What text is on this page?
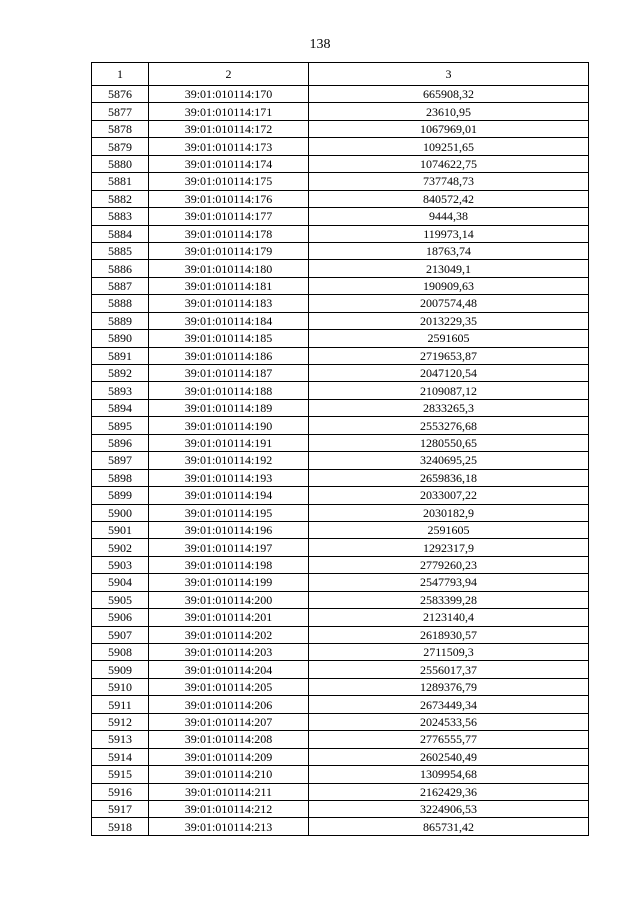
138
1	2	3
5876	39:01:010114:170	665908,32
5877	39:01:010114:171	23610,95
5878	39:01:010114:172	1067969,01
5879	39:01:010114:173	109251,65
5880	39:01:010114:174	1074622,75
5881	39:01:010114:175	737748,73
5882	39:01:010114:176	840572,42
5883	39:01:010114:177	9444,38
5884	39:01:010114:178	119973,14
5885	39:01:010114:179	18763,74
5886	39:01:010114:180	213049,1
5887	39:01:010114:181	190909,63
5888	39:01:010114:183	2007574,48
5889	39:01:010114:184	2013229,35
5890	39:01:010114:185	2591605
5891	39:01:010114:186	2719653,87
5892	39:01:010114:187	2047120,54
5893	39:01:010114:188	2109087,12
5894	39:01:010114:189	2833265,3
5895	39:01:010114:190	2553276,68
5896	39:01:010114:191	1280550,65
5897	39:01:010114:192	3240695,25
5898	39:01:010114:193	2659836,18
5899	39:01:010114:194	2033007,22
5900	39:01:010114:195	2030182,9
5901	39:01:010114:196	2591605
5902	39:01:010114:197	1292317,9
5903	39:01:010114:198	2779260,23
5904	39:01:010114:199	2547793,94
5905	39:01:010114:200	2583399,28
5906	39:01:010114:201	2123140,4
5907	39:01:010114:202	2618930,57
5908	39:01:010114:203	2711509,3
5909	39:01:010114:204	2556017,37
5910	39:01:010114:205	1289376,79
5911	39:01:010114:206	2673449,34
5912	39:01:010114:207	2024533,56
5913	39:01:010114:208	2776555,77
5914	39:01:010114:209	2602540,49
5915	39:01:010114:210	1309954,68
5916	39:01:010114:211	2162429,36
5917	39:01:010114:212	3224906,53
5918	39:01:010114:213	865731,42
